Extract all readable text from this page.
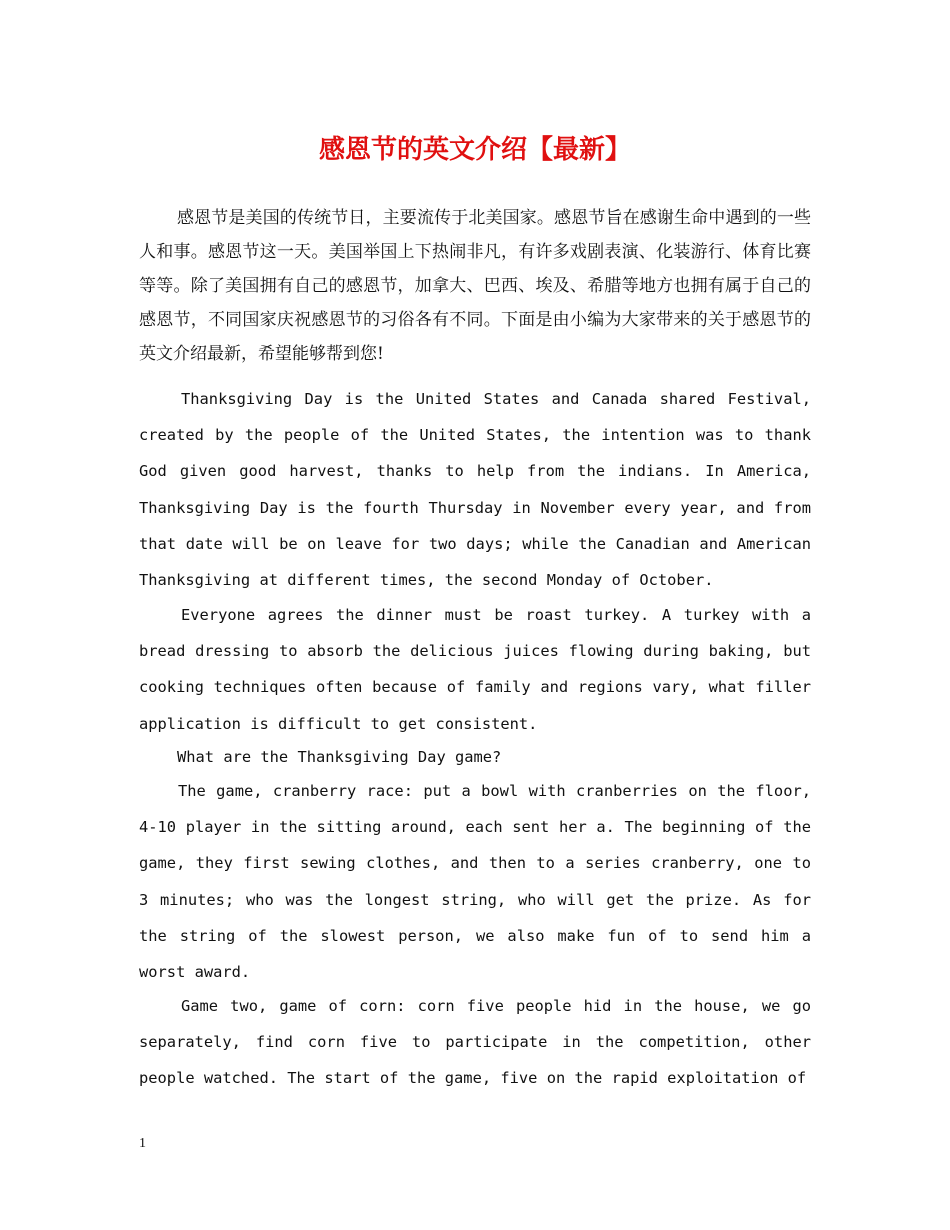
感恩节的英文介绍【最新】

感恩节是美国的传统节日，主要流传于北美国家。感恩节旨在感谢生命中遇到的一些人和事。感恩节这一天。美国举国上下热闹非凡，有许多戏剧表演、化装游行、体育比赛等等。除了美国拥有自己的感恩节，加拿大、巴西、埃及、希腊等地方也拥有属于自己的感恩节，不同国家庆祝感恩节的习俗各有不同。下面是由小编为大家带来的关于感恩节的英文介绍最新，希望能够帮到您!

Thanksgiving Day is the United States and Canada shared Festival, created by the people of the United States, the intention was to thank God given good harvest, thanks to help from the indians. In America, Thanksgiving Day is the fourth Thursday in November every year, and from that date will be on leave for two days; while the Canadian and American Thanksgiving at different times, the second Monday of October.

Everyone agrees the dinner must be roast turkey. A turkey with a bread dressing to absorb the delicious juices flowing during baking, but cooking techniques often because of family and regions vary, what filler application is difficult to get consistent.

What are the Thanksgiving Day game?

The game, cranberry race: put a bowl with cranberries on the floor, 4-10 player in the sitting around, each sent her a. The beginning of the game, they first sewing clothes, and then to a series cranberry, one to 3 minutes; who was the longest string, who will get the prize. As for the string of the slowest person, we also make fun of to send him a worst award.

Game two, game of corn: corn five people hid in the house, we go separately, find corn five to participate in the competition, other people watched. The start of the game, five on the rapid exploitation of

1
